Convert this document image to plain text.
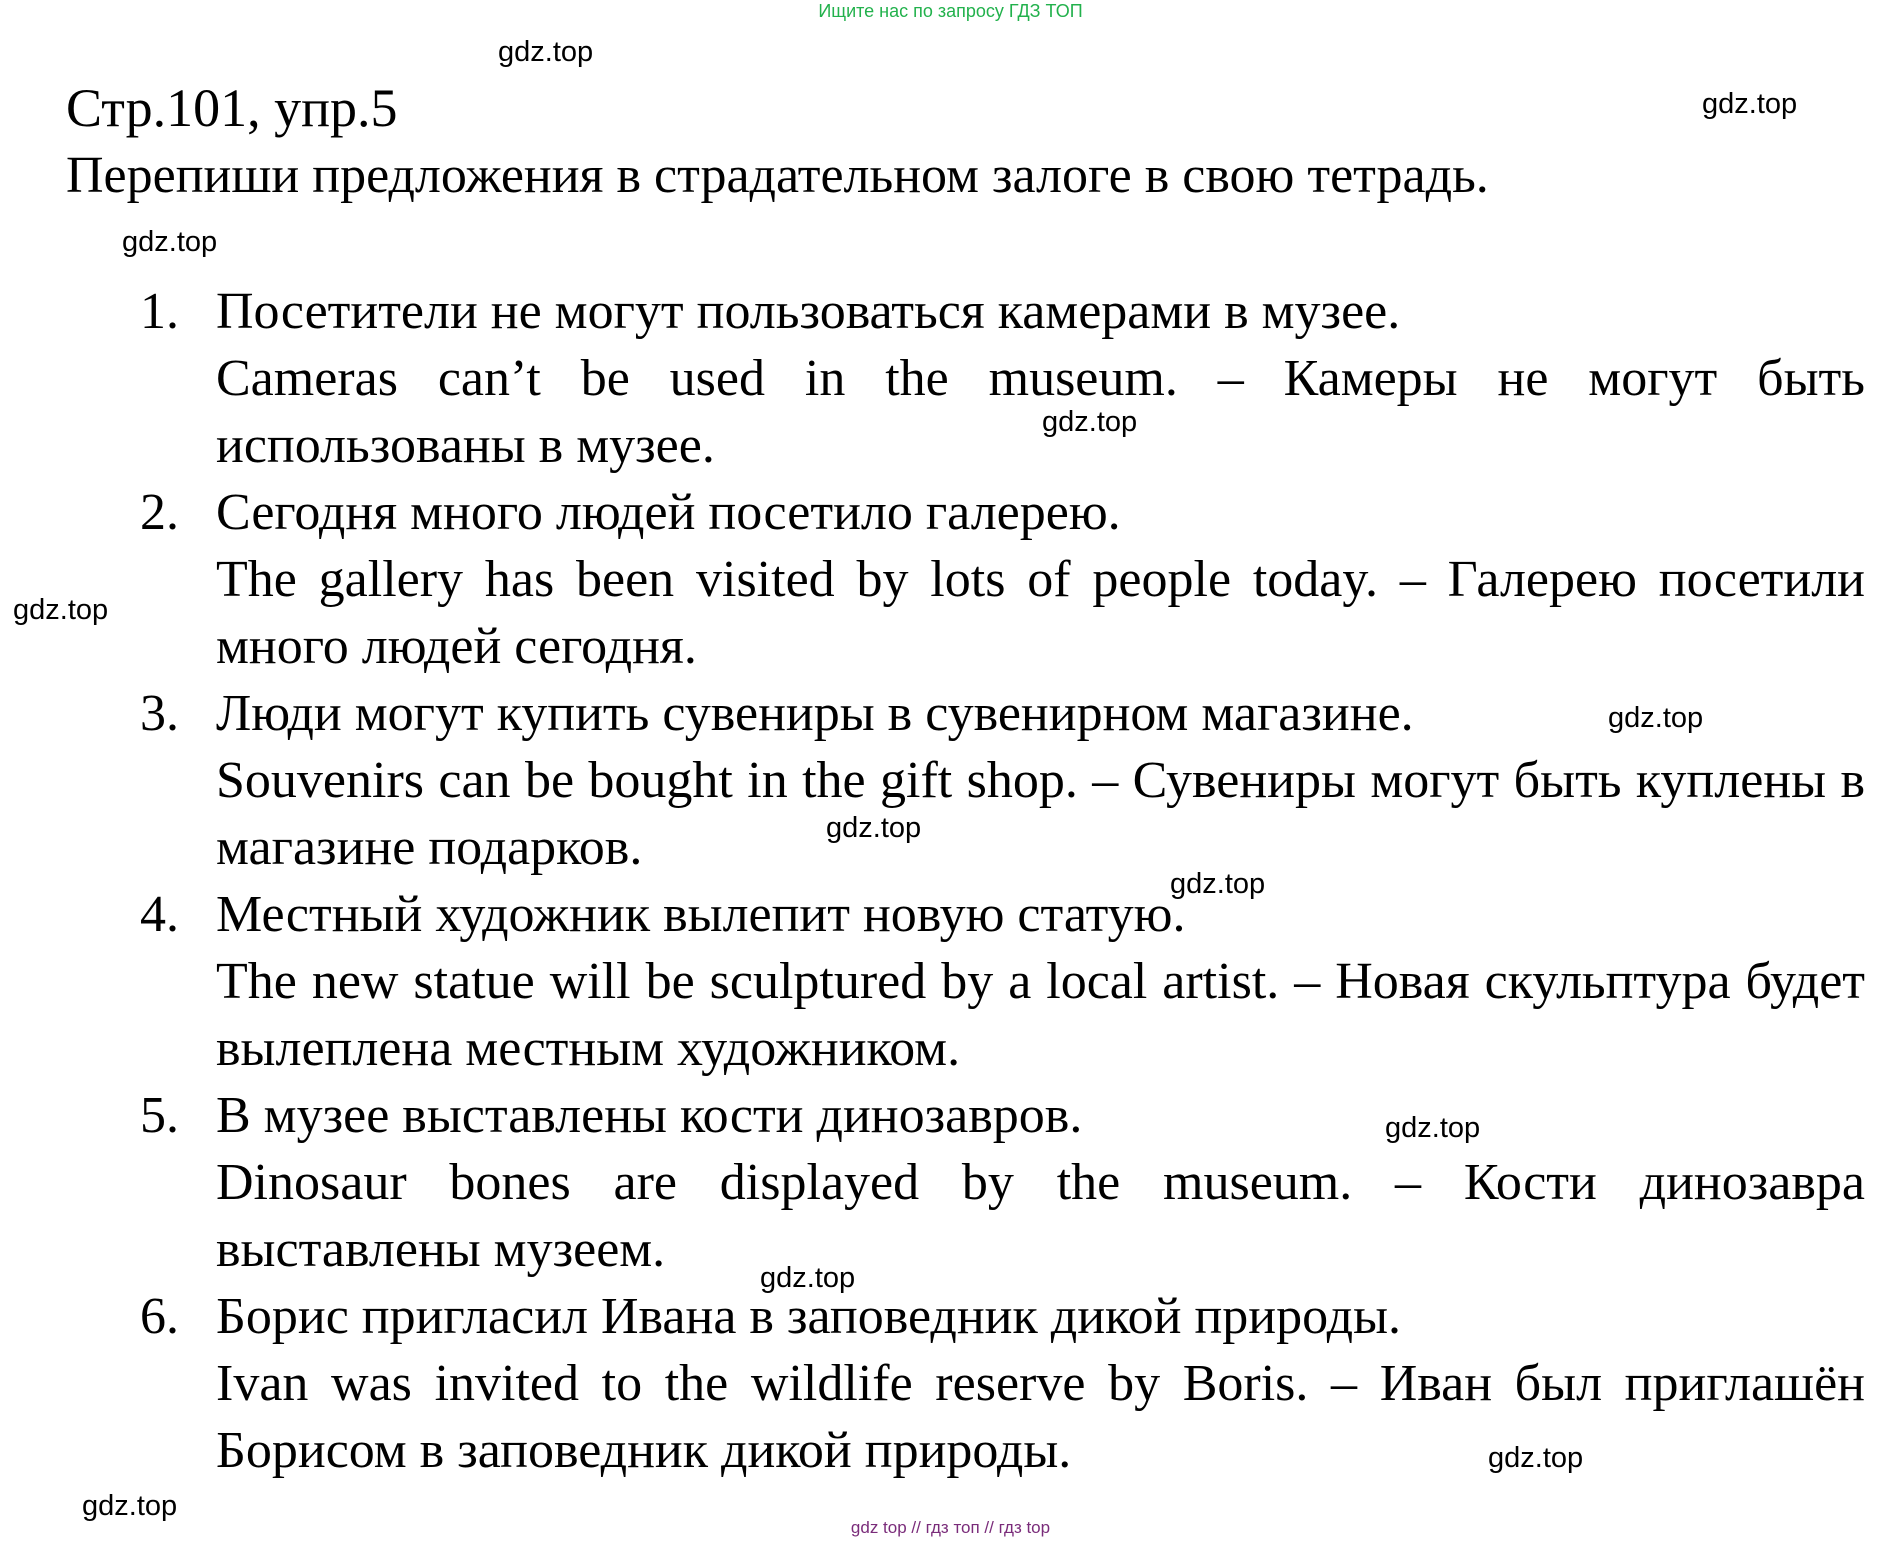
Ищите нас по запросу ГДЗ ТОП
Стр.101, упр.5
Перепиши предложения в страдательном залоге в свою тетрадь.
1. Посетители не могут пользоваться камерами в музее.

Cameras can’t be used in the museum. – Камеры не могут быть использованы в музее.

2. Сегодня много людей посетило галерею.

The gallery has been visited by lots of people today. – Галерею посетили много людей сегодня.

3. Люди могут купить сувениры в сувенирном магазине.

Souvenirs can be bought in the gift shop. – Сувениры могут быть куплены в магазине подарков.

4. Местный художник вылепит новую статую.

The new statue will be sculptured by a local artist. – Новая скульптура будет вылеплена местным художником.

5. В музее выставлены кости динозавров.

Dinosaur bones are displayed by the museum. – Кости динозавра выставлены музеем.

6. Борис пригласил Ивана в заповедник дикой природы.

Ivan was invited to the wildlife reserve by Boris. – Иван был приглашён Борисом в заповедник дикой природы.

gdz.top
gdz.top
gdz.top
gdz.top
gdz.top
gdz.top
gdz.top
gdz.top
gdz.top
gdz.top
gdz.top
gdz.top
gdz top // гдз топ // гдз top
